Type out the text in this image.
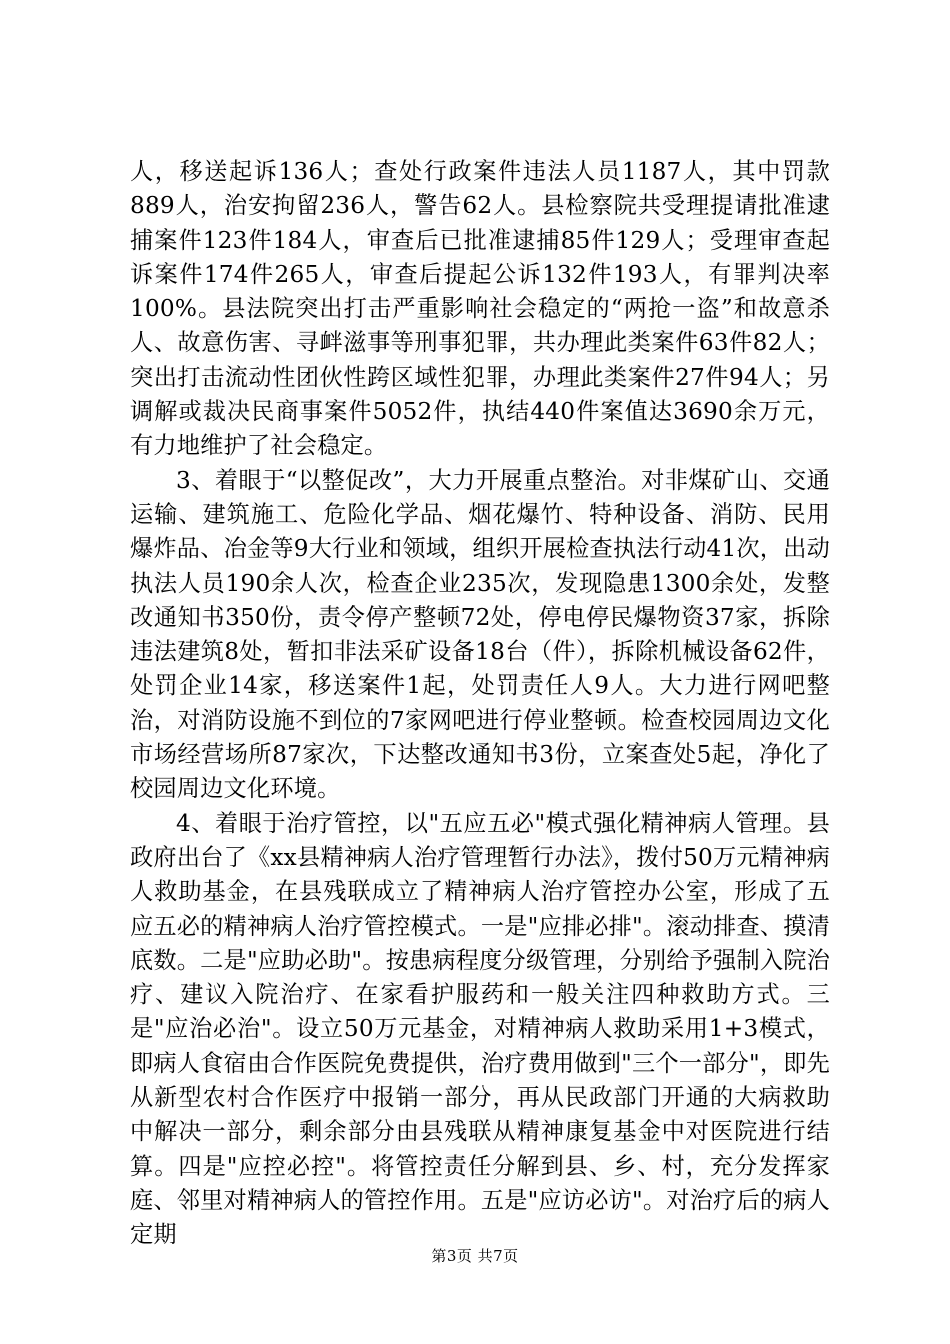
人，移送起诉136人；查处行政案件违法人员1187人，其中罚款889人，治安拘留236人，警告62人。县检察院共受理提请批准逮捕案件123件184人，审查后已批准逮捕85件129人；受理审查起诉案件174件265人，审查后提起公诉132件193人，有罪判决率100%。县法院突出打击严重影响社会稳定的“两抢一盗”和故意杀人、故意伤害、寻衅滋事等刑事犯罪，共办理此类案件63件82人；突出打击流动性团伙性跨区域性犯罪，办理此类案件27件94人；另调解或裁决民商事案件5052件，执结440件案值达3690余万元，有力地维护了社会稳定。

3、着眼于“以整促改”，大力开展重点整治。对非煤矿山、交通运输、建筑施工、危险化学品、烟花爆竹、特种设备、消防、民用爆炸品、冶金等9大行业和领域，组织开展检查执法行动41次，出动执法人员190余人次，检查企业235次，发现隐患1300余处，发整改通知书350份，责令停产整顿72处，停电停民爆物资37家，拆除违法建筑8处，暂扣非法采矿设备18台（件），拆除机械设备62件，处罚企业14家，移送案件1起，处罚责任人9人。大力进行网吧整治，对消防设施不到位的7家网吧进行停业整顿。检查校园周边文化市场经营场所87家次，下达整改通知书3份，立案查处5起，净化了校园周边文化环境。

4、着眼于治疗管控，以"五应五必"模式强化精神病人管理。县政府出台了《xx县精神病人治疗管理暂行办法》，拨付50万元精神病人救助基金，在县残联成立了精神病人治疗管控办公室，形成了五应五必的精神病人治疗管控模式。一是"应排必排"。滚动排查、摸清底数。二是"应助必助"。按患病程度分级管理，分别给予强制入院治疗、建议入院治疗、在家看护服药和一般关注四种救助方式。三是"应治必治"。设立50万元基金，对精神病人救助采用1+3模式，即病人食宿由合作医院免费提供，治疗费用做到"三个一部分"，即先从新型农村合作医疗中报销一部分，再从民政部门开通的大病救助中解决一部分，剩余部分由县残联从精神康复基金中对医院进行结算。四是"应控必控"。将管控责任分解到县、乡、村，充分发挥家庭、邻里对精神病人的管控作用。五是"应访必访"。对治疗后的病人定期

第3页 共7页
